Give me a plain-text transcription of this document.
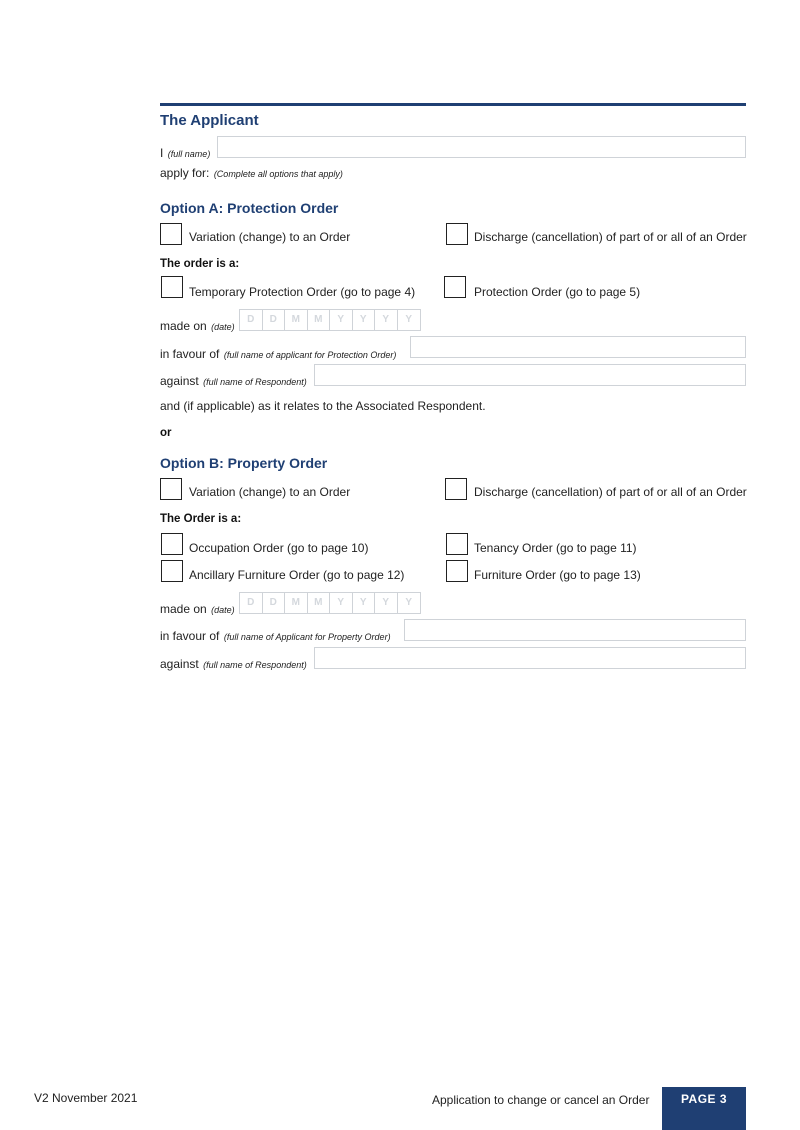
The Applicant
I (full name)
apply for: (Complete all options that apply)
Option A: Protection Order
Variation (change) to an Order	Discharge (cancellation) of part of or all of an Order
The order is a:
Temporary Protection Order (go to page 4)	Protection Order (go to page 5)
made on (date)
D	D	M	M	Y	Y	Y	Y
in favour of (full name of applicant for Protection Order)
against (full name of Respondent)
and (if applicable) as it relates to the Associated Respondent.
or
Option B: Property Order
Variation (change) to an Order	Discharge (cancellation) of part of or all of an Order
The Order is a:
Occupation Order (go to page 10)	Tenancy Order (go to page 11)
Ancillary Furniture Order (go to page 12)	Furniture Order (go to page 13)
made on (date)
D	D	M	M	Y	Y	Y	Y
in favour of (full name of Applicant for Property Order)
against (full name of Respondent)
V2 November 2021	Application to change or cancel an Order	PAGE 3
